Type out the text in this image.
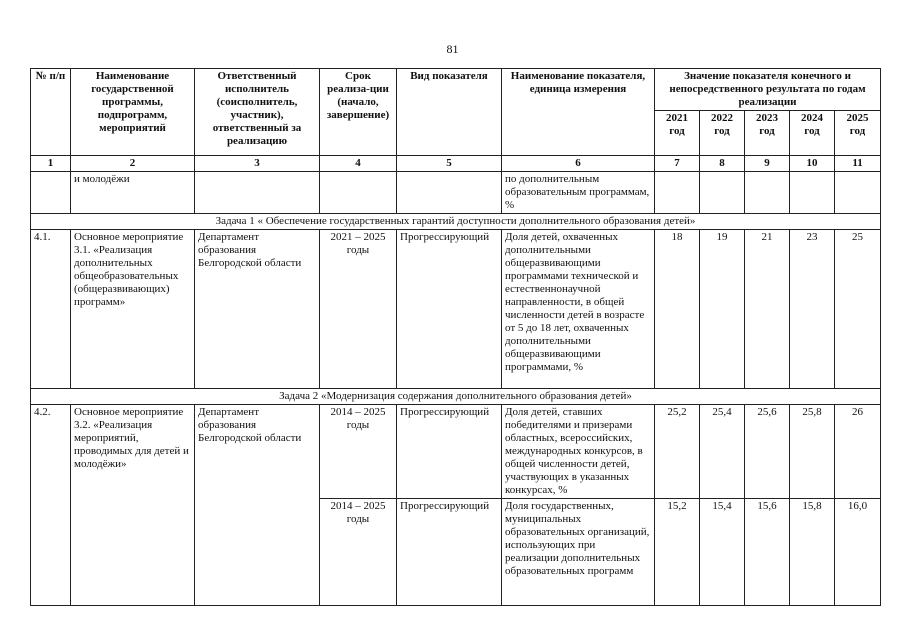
81
№ п/п	Наименование государственной программы, подпрограмм, мероприятий	Ответственный исполнитель (соисполнитель, участник), ответственный за реализацию	Срок реализа-ции (начало, завершение)	Вид показателя	Наименование показателя, единица измерения	Значение показателя конечного и непосредственного результата по годам реализации				
						2021 год	2022 год	2023 год	2024 год	2025 год
1	2	3	4	5	6	7	8	9	10	11
	и молодёжи				по дополнительным образовательным программам, %					
Задача 1 « Обеспечение государственных гарантий доступности дополнительного образования детей»										
4.1.	Основное мероприятие 3.1. «Реализация дополнительных общеобразовательных (общеразвивающих) программ»	Департамент образования Белгородской области	2021 – 2025 годы	Прогрессирующий	Доля детей, охваченных дополнительными общеразвивающими программами технической и естественнонаучной направленности, в общей численности детей в возрасте от 5 до 18 лет, охваченных дополнительными общеразвивающими программами, %	18	19	21	23	25
Задача 2 «Модернизация содержания дополнительного образования детей»										
4.2.	Основное мероприятие 3.2. «Реализация мероприятий, проводимых для детей и молодёжи»	Департамент образования Белгородской области	2014 – 2025 годы	Прогрессирующий	Доля детей, ставших победителями и призерами областных, всероссийских, международных конкурсов, в общей численности детей, участвующих в указанных конкурсах, %	25,2	25,4	25,6	25,8	26
			2014 – 2025 годы	Прогрессирующий	Доля государственных, муниципальных образовательных организаций, использующих при реализации дополнительных образовательных программ	15,2	15,4	15,6	15,8	16,0
